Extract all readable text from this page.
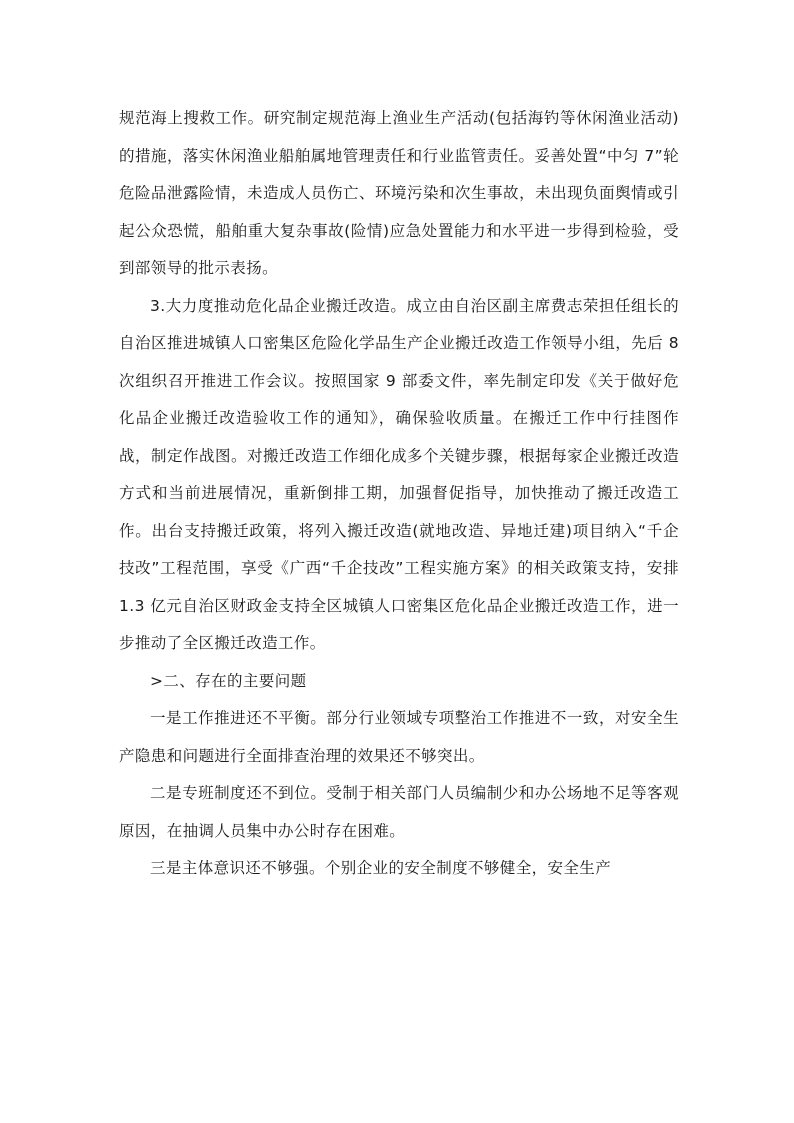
规范海上搜救工作。研究制定规范海上渔业生产活动(包括海钓等休闲渔业活动)的措施，落实休闲渔业船舶属地管理责任和行业监管责任。妥善处置“中匀 7”轮危险品泄露险情，未造成人员伤亡、环境污染和次生事故，未出现负面舆情或引起公众恐慌，船舶重大复杂事故(险情)应急处置能力和水平进一步得到检验，受到部领导的批示表扬。

3.大力度推动危化品企业搬迁改造。成立由自治区副主席费志荣担任组长的自治区推进城镇人口密集区危险化学品生产企业搬迁改造工作领导小组，先后 8 次组织召开推进工作会议。按照国家 9 部委文件，率先制定印发《关于做好危化品企业搬迁改造验收工作的通知》，确保验收质量。在搬迁工作中行挂图作战，制定作战图。对搬迁改造工作细化成多个关键步骤，根据每家企业搬迁改造方式和当前进展情况，重新倒排工期，加强督促指导，加快推动了搬迁改造工作。出台支持搬迁政策，将列入搬迁改造(就地改造、异地迁建)项目纳入“千企技改”工程范围，享受《广西“千企技改”工程实施方案》的相关政策支持，安排1.3 亿元自治区财政金支持全区城镇人口密集区危化品企业搬迁改造工作，进一步推动了全区搬迁改造工作。

>二、存在的主要问题

一是工作推进还不平衡。部分行业领域专项整治工作推进不一致，对安全生产隐患和问题进行全面排查治理的效果还不够突出。

二是专班制度还不到位。受制于相关部门人员编制少和办公场地不足等客观原因，在抽调人员集中办公时存在困难。

三是主体意识还不够强。个别企业的安全制度不够健全，安全生产
